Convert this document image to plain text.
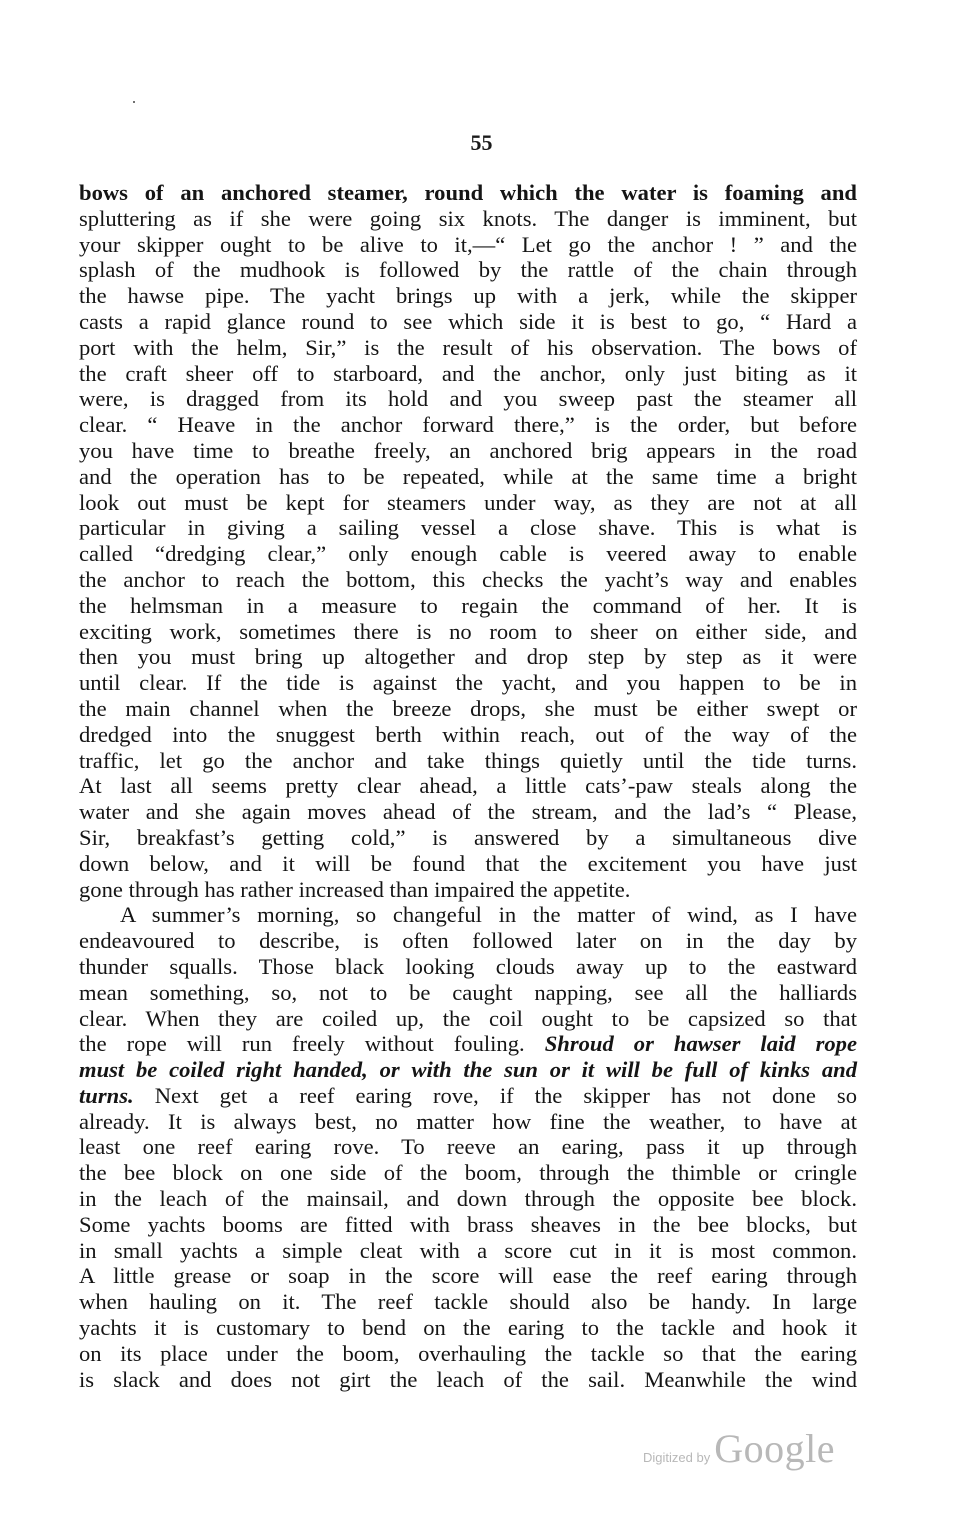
55
bows of an anchored steamer, round which the water is foaming and
spluttering as if she were going six knots. The danger is imminent, but
your skipper ought to be alive to it,—“ Let go the anchor ! ” and the
splash of the mudhook is followed by the rattle of the chain through
the hawse pipe. The yacht brings up with a jerk, while the skipper
casts a rapid glance round to see which side it is best to go, “ Hard a
port with the helm, Sir,” is the result of his observation. The bows of
the craft sheer off to starboard, and the anchor, only just biting as it
were, is dragged from its hold and you sweep past the steamer all
clear. “ Heave in the anchor forward there,” is the order, but before
you have time to breathe freely, an anchored brig appears in the road
and the operation has to be repeated, while at the same time a bright
look out must be kept for steamers under way, as they are not at all
particular in giving a sailing vessel a close shave. This is what is
called “dredging clear,” only enough cable is veered away to enable
the anchor to reach the bottom, this checks the yacht’s way and enables
the helmsman in a measure to regain the command of her. It is
exciting work, sometimes there is no room to sheer on either side, and
then you must bring up altogether and drop step by step as it were
until clear. If the tide is against the yacht, and you happen to be in
the main channel when the breeze drops, she must be either swept or
dredged into the snuggest berth within reach, out of the way of the
traffic, let go the anchor and take things quietly until the tide turns.
At last all seems pretty clear ahead, a little cats’-paw steals along the
water and she again moves ahead of the stream, and the lad’s “ Please,
Sir, breakfast’s getting cold,” is answered by a simultaneous dive
down below, and it will be found that the excitement you have just
gone through has rather increased than impaired the appetite.
A summer’s morning, so changeful in the matter of wind, as I have
endeavoured to describe, is often followed later on in the day by
thunder squalls. Those black looking clouds away up to the eastward
mean something, so, not to be caught napping, see all the halliards
clear. When they are coiled up, the coil ought to be capsized so that
the rope will run freely without fouling. Shroud or hawser laid rope
must be coiled right handed, or with the sun or it will be full of kinks and
turns. Next get a reef earing rove, if the skipper has not done so
already. It is always best, no matter how fine the weather, to have at
least one reef earing rove. To reeve an earing, pass it up through
the bee block on one side of the boom, through the thimble or cringle
in the leach of the mainsail, and down through the opposite bee block.
Some yachts booms are fitted with brass sheaves in the bee blocks, but
in small yachts a simple cleat with a score cut in it is most common.
A little grease or soap in the score will ease the reef earing through
when hauling on it. The reef tackle should also be handy. In large
yachts it is customary to bend on the earing to the tackle and hook it
on its place under the boom, overhauling the tackle so that the earing
is slack and does not girt the leach of the sail. Meanwhile the wind
Digitized by Google
